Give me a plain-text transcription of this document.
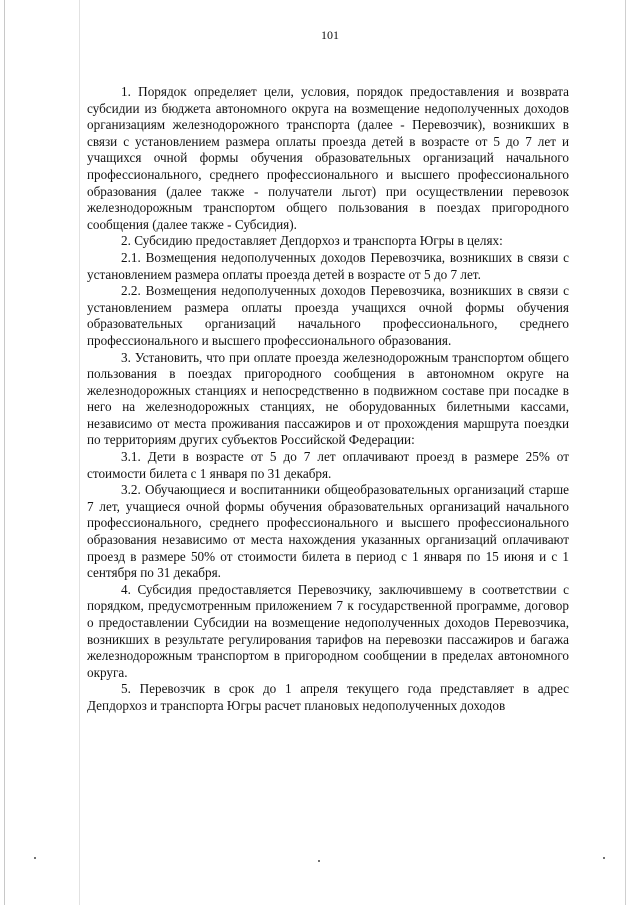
101

1. Порядок определяет цели, условия, порядок предоставления и возврата субсидии из бюджета автономного округа на возмещение недополученных доходов организациям железнодорожного транспорта (далее - Перевозчик), возникших в связи с установлением размера оплаты проезда детей в возрасте от 5 до 7 лет и учащихся очной формы обучения образовательных организаций начального профессионального, среднего профессионального и высшего профессионального образования (далее также - получатели льгот) при осуществлении перевозок железнодорожным транспортом общего пользования в поездах пригородного сообщения (далее также - Субсидия).

2. Субсидию предоставляет Депдорхоз и транспорта Югры в целях:

2.1. Возмещения недополученных доходов Перевозчика, возникших в связи с установлением размера оплаты проезда детей в возрасте от 5 до 7 лет.

2.2. Возмещения недополученных доходов Перевозчика, возникших в связи с установлением размера оплаты проезда учащихся очной формы обучения образовательных организаций начального профессионального, среднего профессионального и высшего профессионального образования.

3. Установить, что при оплате проезда железнодорожным транспортом общего пользования в поездах пригородного сообщения в автономном округе на железнодорожных станциях и непосредственно в подвижном составе при посадке в него на железнодорожных станциях, не оборудованных билетными кассами, независимо от места проживания пассажиров и от прохождения маршрута поездки по территориям других субъектов Российской Федерации:

3.1. Дети в возрасте от 5 до 7 лет оплачивают проезд в размере 25% от стоимости билета с 1 января по 31 декабря.

3.2. Обучающиеся и воспитанники общеобразовательных организаций старше 7 лет, учащиеся очной формы обучения образовательных организаций начального профессионального, среднего профессионального и высшего профессионального образования независимо от места нахождения указанных организаций оплачивают проезд в размере 50% от стоимости билета в период с 1 января по 15 июня и с 1 сентября по 31 декабря.

4. Субсидия предоставляется Перевозчику, заключившему в соответствии с порядком, предусмотренным приложением 7 к государственной программе, договор о предоставлении Субсидии на возмещение недополученных доходов Перевозчика, возникших в результате регулирования тарифов на перевозки пассажиров и багажа железнодорожным транспортом в пригородном сообщении в пределах автономного округа.

5. Перевозчик в срок до 1 апреля текущего года представляет в адрес Депдорхоз и транспорта Югры расчет плановых недополученных доходов
